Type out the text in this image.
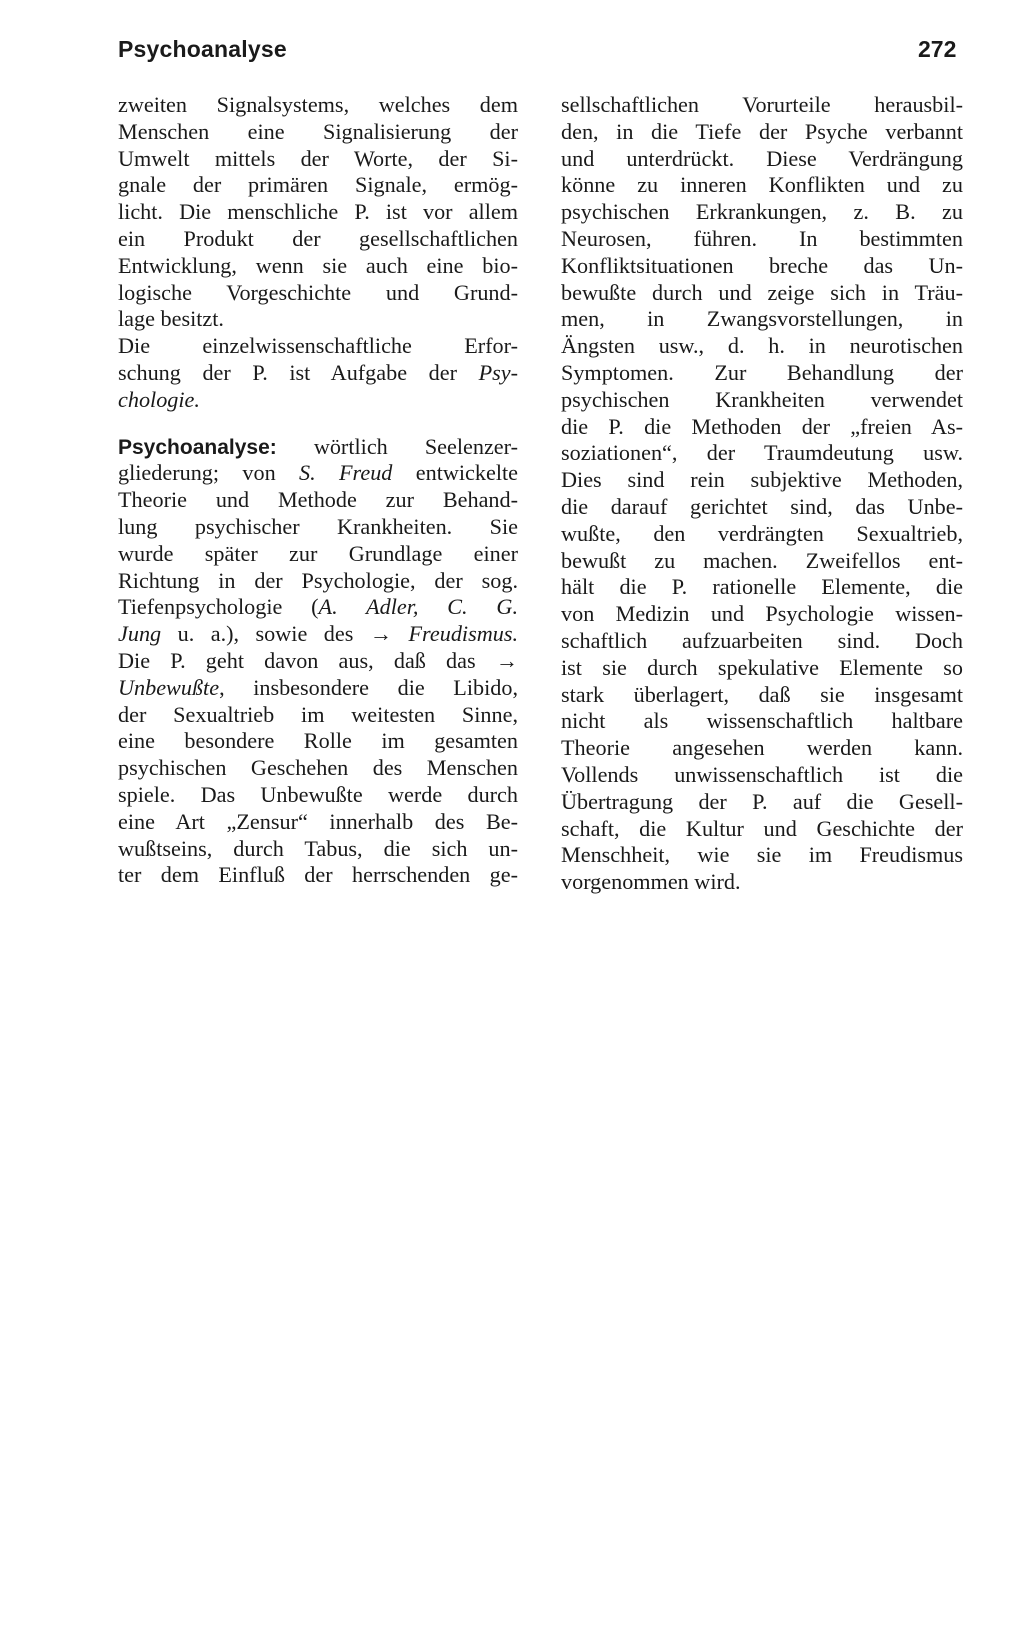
Psychoanalyse	272
zweiten Signalsystems, welches dem
Menschen eine Signalisierung der
Umwelt mittels der Worte, der Si-
gnale der primären Signale, ermög-
licht. Die menschliche P. ist vor allem
ein Produkt der gesellschaftlichen
Entwicklung, wenn sie auch eine bio-
logische Vorgeschichte und Grund-
lage besitzt.
Die einzelwissenschaftliche Erfor-
schung der P. ist Aufgabe der Psy-
chologie.
Psychoanalyse: wörtlich Seelenzer-
gliederung; von S. Freud entwickelte
Theorie und Methode zur Behand-
lung psychischer Krankheiten. Sie
wurde später zur Grundlage einer
Richtung in der Psychologie, der sog.
Tiefenpsychologie (A. Adler, C. G.
Jung u. a.), sowie des → Freudismus.
Die P. geht davon aus, daß das →
Unbewußte, insbesondere die Libido,
der Sexualtrieb im weitesten Sinne,
eine besondere Rolle im gesamten
psychischen Geschehen des Menschen
spiele. Das Unbewußte werde durch
eine Art „Zensur“ innerhalb des Be-
wußtseins, durch Tabus, die sich un-
ter dem Einfluß der herrschenden ge-
sellschaftlichen Vorurteile herausbil-
den, in die Tiefe der Psyche verbannt
und unterdrückt. Diese Verdrängung
könne zu inneren Konflikten und zu
psychischen Erkrankungen, z. B. zu
Neurosen, führen. In bestimmten
Konfliktsituationen breche das Un-
bewußte durch und zeige sich in Träu-
men, in Zwangsvorstellungen, in
Ängsten usw., d. h. in neurotischen
Symptomen. Zur Behandlung der
psychischen Krankheiten verwendet
die P. die Methoden der „freien As-
soziationen“, der Traumdeutung usw.
Dies sind rein subjektive Methoden,
die darauf gerichtet sind, das Unbe-
wußte, den verdrängten Sexualtrieb,
bewußt zu machen. Zweifellos ent-
hält die P. rationelle Elemente, die
von Medizin und Psychologie wissen-
schaftlich aufzuarbeiten sind. Doch
ist sie durch spekulative Elemente so
stark überlagert, daß sie insgesamt
nicht als wissenschaftlich haltbare
Theorie angesehen werden kann.
Vollends unwissenschaftlich ist die
Übertragung der P. auf die Gesell-
schaft, die Kultur und Geschichte der
Menschheit, wie sie im Freudismus
vorgenommen wird.
